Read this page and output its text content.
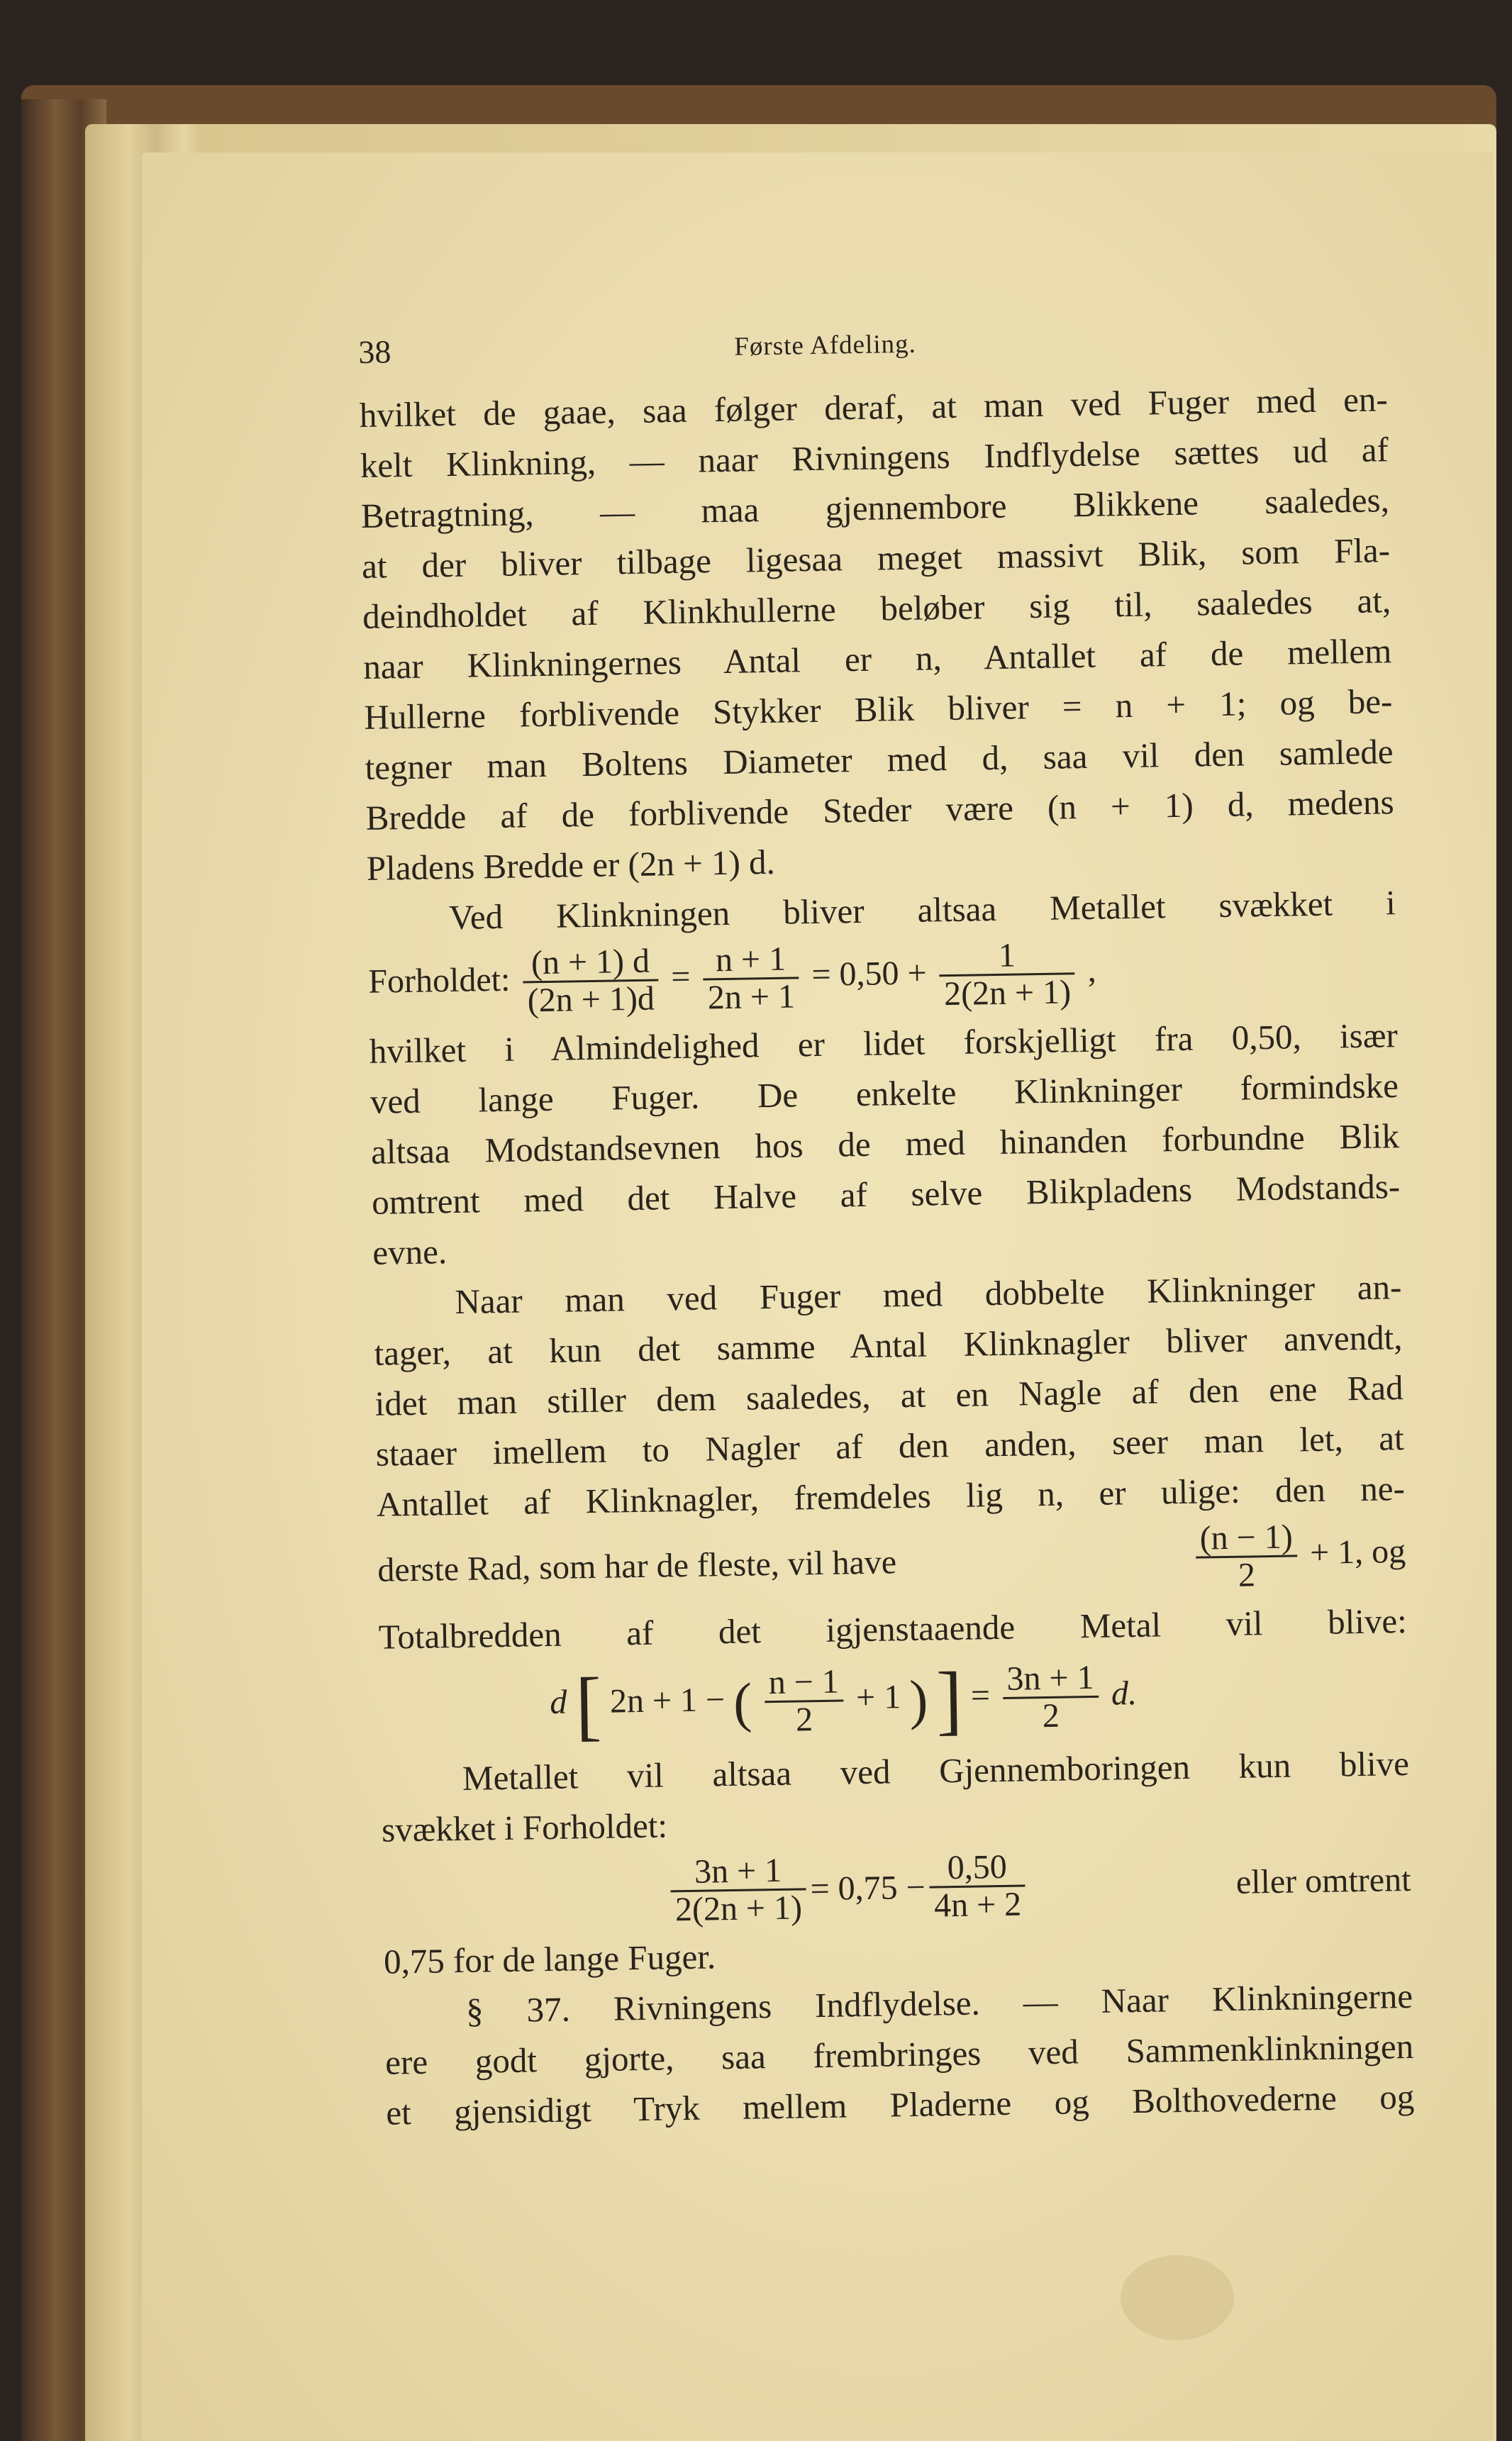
38	Første Afdeling.
hvilket de gaae, saa følger deraf, at man ved Fuger med en-
kelt Klinkning, — naar Rivningens Indflydelse sættes ud af
Betragtning, — maa gjennembore Blikkene saaledes,
at der bliver tilbage ligesaa meget massivt Blik, som Fla-
deindholdet af Klinkhullerne beløber sig til, saaledes at,
naar Klinkningernes Antal er n, Antallet af de mellem
Hullerne forblivende Stykker Blik bliver = n + 1; og be-
tegner man Boltens Diameter med d, saa vil den samlede
Bredde af de forblivende Steder være (n + 1) d, medens
Pladens Bredde er (2n + 1) d.
Ved Klinkningen bliver altsaa Metallet svækket i
Forholdet: $\frac{(n + 1) d}{(2n + 1)d} = \frac{n + 1}{2n + 1} = 0,50 + \frac{1}{2(2n + 1)}$ ,
hvilket i Almindelighed er lidet forskjelligt fra 0,50, især
ved lange Fuger. De enkelte Klinkninger formindske
altsaa Modstandsevnen hos de med hinanden forbundne Blik
omtrent med det Halve af selve Blikpladens Modstands-
evne.
Naar man ved Fuger med dobbelte Klinkninger an-
tager, at kun det samme Antal Klinknagler bliver anvendt,
idet man stiller dem saaledes, at en Nagle af den ene Rad
staaer imellem to Nagler af den anden, seer man let, at
Antallet af Klinknagler, fremdeles lig n, er ulige: den ne-
derste Rad, som har de fleste, vil have	$\frac{(n - 1)}{2} + 1$, og
Totalbredden af det igjenstaaende Metal vil blive:
d [ 2n + 1 − ( $\frac{n - 1}{2} + 1$ ) ] = $\frac{3n + 1}{2} d$.
Metallet vil altsaa ved Gjennemboringen kun blive
svækket i Forholdet:
$\frac{3n + 1}{2(2n + 1)} = 0,75 - \frac{0,50}{4n + 2}$	eller omtrent
0,75 for de lange Fuger.
§ 37. Rivningens Indflydelse. — Naar Klinkningerne
ere godt gjorte, saa frembringes ved Sammenklinkningen
et gjensidigt Tryk mellem Pladerne og Bolthovederne og
